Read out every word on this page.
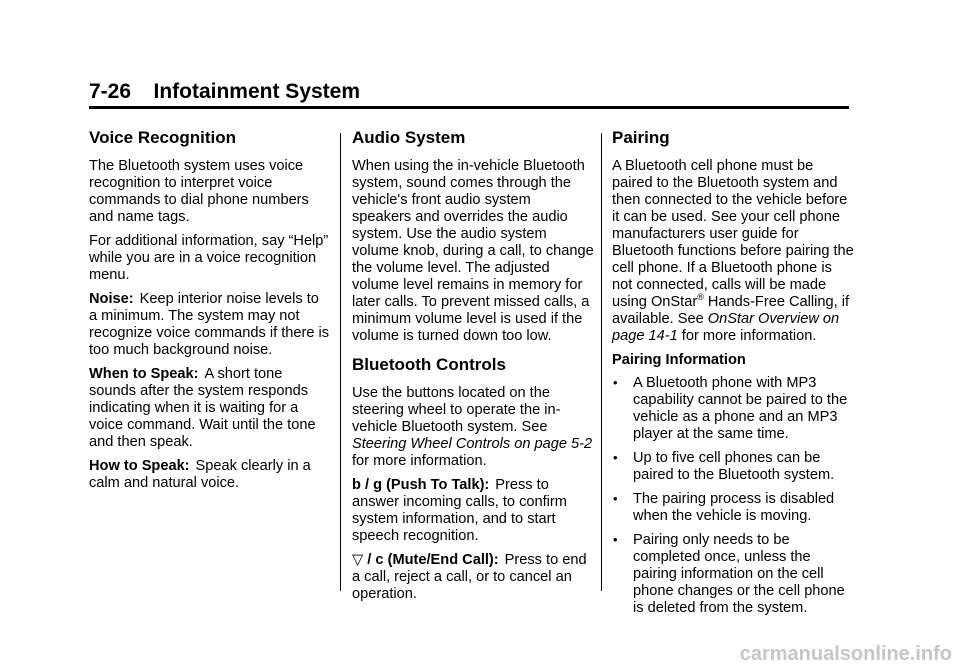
7-26 Infotainment System
Voice Recognition

The Bluetooth system uses voice recognition to interpret voice commands to dial phone numbers and name tags.

For additional information, say “Help” while you are in a voice recognition menu.

Noise: Keep interior noise levels to a minimum. The system may not recognize voice commands if there is too much background noise.

When to Speak: A short tone sounds after the system responds indicating when it is waiting for a voice command. Wait until the tone and then speak.

How to Speak: Speak clearly in a calm and natural voice.

Audio System

When using the in-vehicle Bluetooth system, sound comes through the vehicle's front audio system speakers and overrides the audio system. Use the audio system volume knob, during a call, to change the volume level. The adjusted volume level remains in memory for later calls. To prevent missed calls, a minimum volume level is used if the volume is turned down too low.

Bluetooth Controls

Use the buttons located on the steering wheel to operate the in-vehicle Bluetooth system. See Steering Wheel Controls on page 5-2 for more information.

b / g (Push To Talk): Press to answer incoming calls, to confirm system information, and to start speech recognition.

▽ / c (Mute/End Call): Press to end a call, reject a call, or to cancel an operation.

Pairing

A Bluetooth cell phone must be paired to the Bluetooth system and then connected to the vehicle before it can be used. See your cell phone manufacturers user guide for Bluetooth functions before pairing the cell phone. If a Bluetooth phone is not connected, calls will be made using OnStar® Hands-Free Calling, if available. See OnStar Overview on page 14-1 for more information.

Pairing Information
• A Bluetooth phone with MP3 capability cannot be paired to the vehicle as a phone and an MP3 player at the same time.
• Up to five cell phones can be paired to the Bluetooth system.
• The pairing process is disabled when the vehicle is moving.
• Pairing only needs to be completed once, unless the pairing information on the cell phone changes or the cell phone is deleted from the system.
carmanualsonline.info
